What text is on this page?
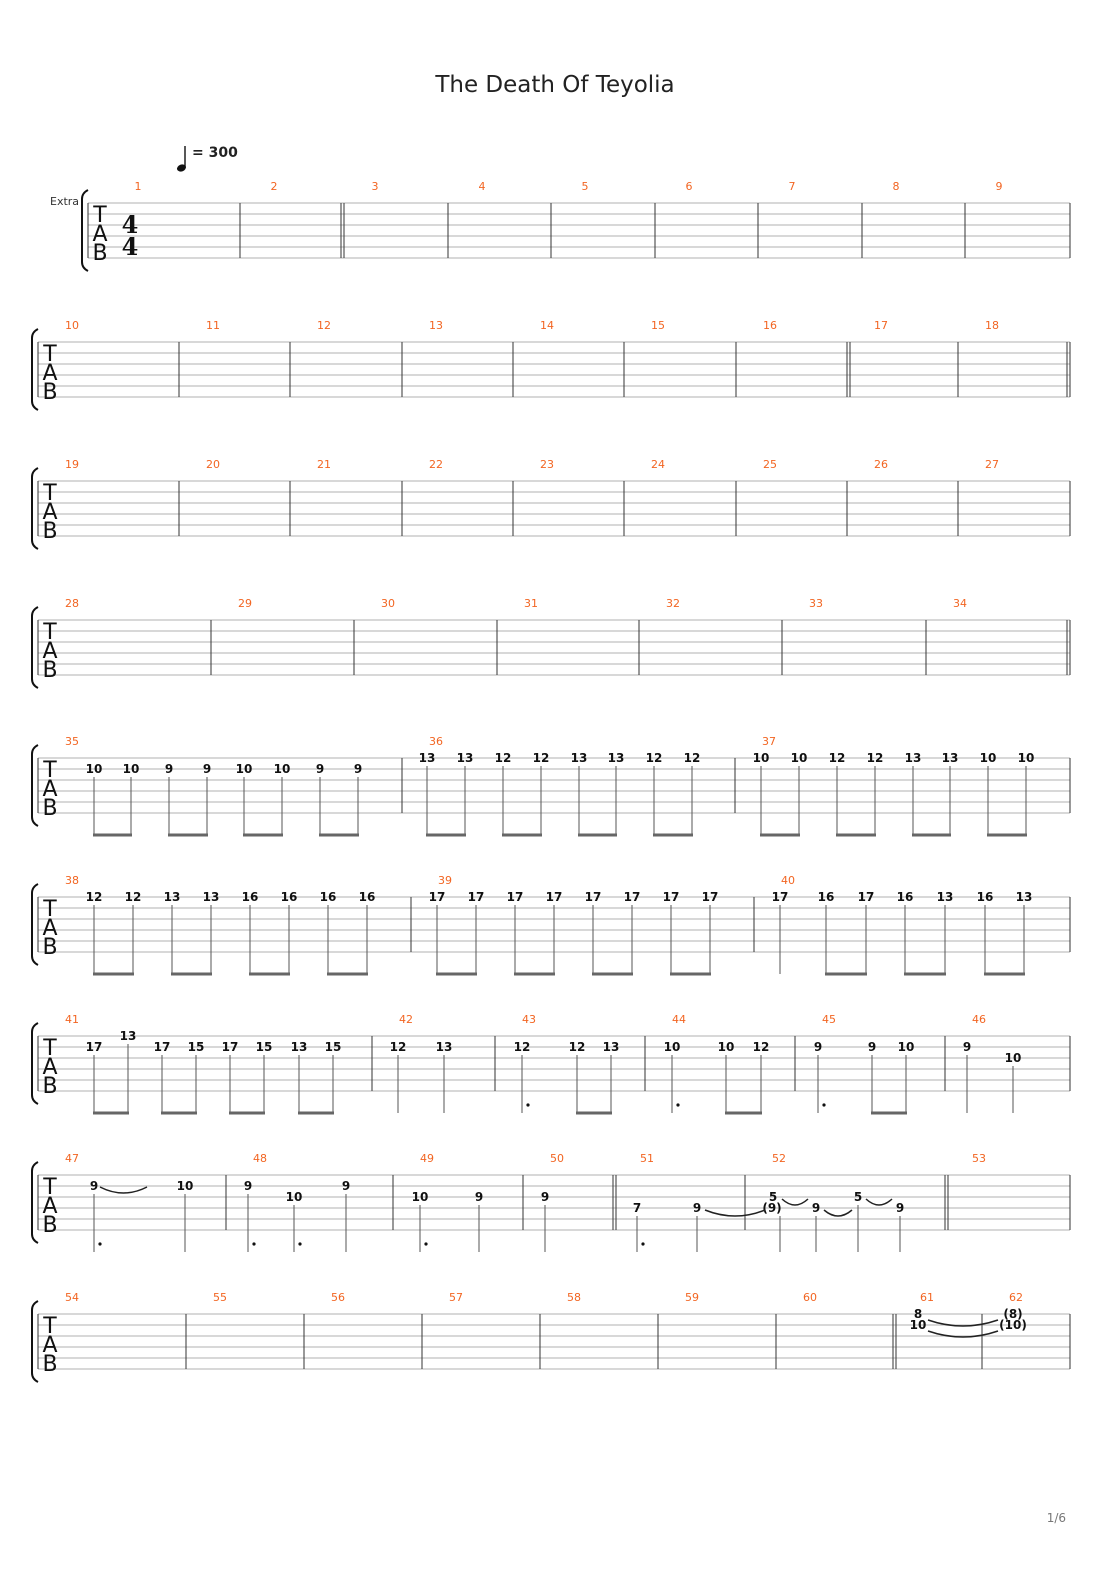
The Death Of Teyolia
= 300
Extra
T
A
B
4
4
1	2	3	4	5	6	7	8	9
T
A
B
10	11	12	13	14	15	16	17	18
T
A
B
19	20	21	22	23	24	25	26	27
T
A
B
28	29	30	31	32	33	34
T
A
B
35
10 10 9 9 10 10 9 9
36
13 13 12 12 13 13 12 12
37
10 10 12 12 13 13 10 10
T
A
B
38
12 12 13 13 16 16 16 16
39
17 17 17 17 17 17 17 17
40
17 16 17 16 13 16 13
T
A
B
41
17
13
17 15 17 15 13 15
42
12 13
43
12	12 13
44
10	10 12
45
9	9 10
46
9
10
T
A
B
47
9	10
48
9
10
9
49
10	9
50
9
51
7	9
52
(9)
5
9
5
9
53
T
A
B
54	55	56	57	58	59	60	61
8
10
62
(8)
(10)
1/6
